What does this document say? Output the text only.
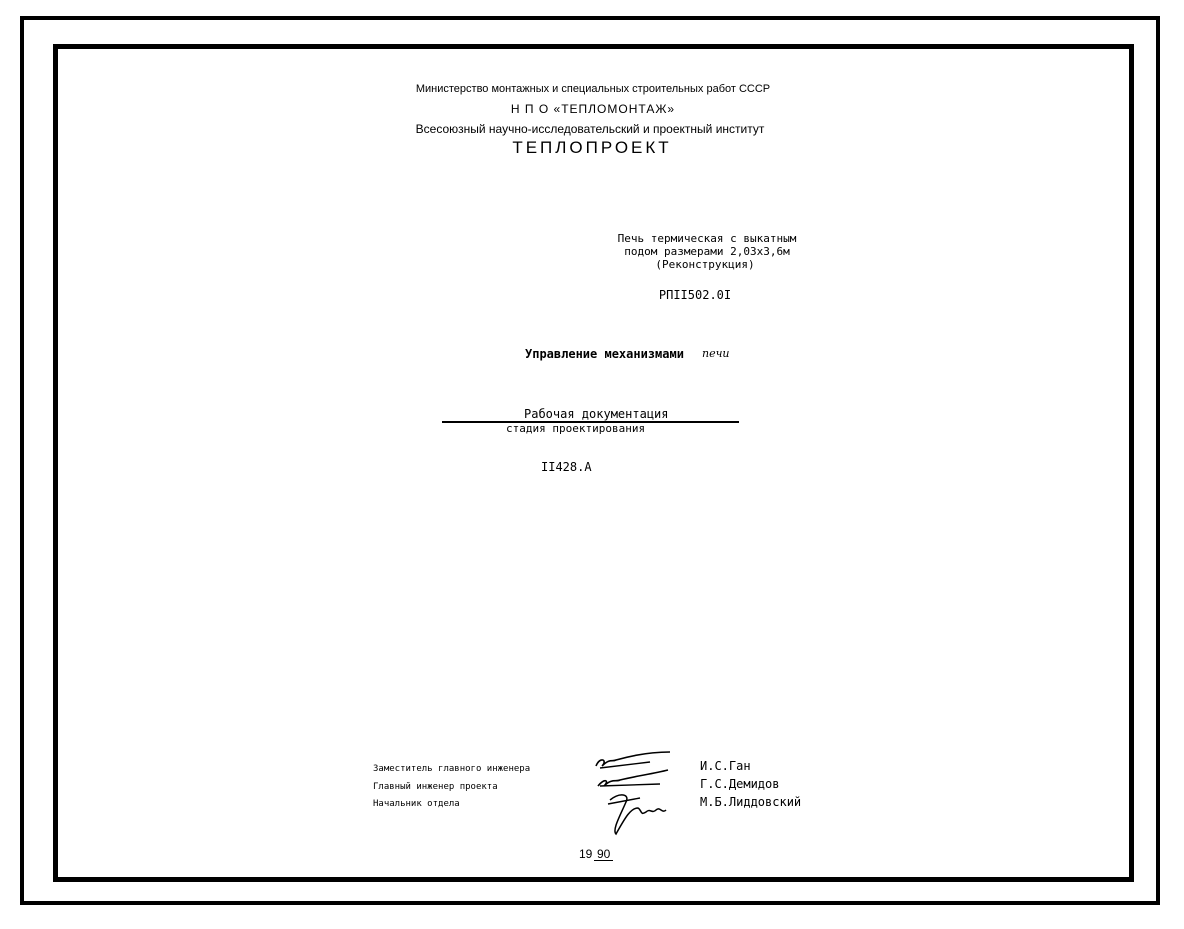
Министерство монтажных и специальных строительных работ СССР
Н П О «ТЕПЛОМОНТАЖ»
Всесоюзный научно-исследовательский и проектный институт
ТЕПЛОПРОЕКТ
Печь термическая с выкатным
подом размерами 2,03х3,6м
(Реконструкция)
РПII502.0I
Управление механизмами печи
Рабочая документация
стадия проектирования
II428.А
Заместитель главного инженера
Главный инженер проекта
Начальник отдела
И.С.Ган
Г.С.Демидов
М.Б.Лиддовский
19 90
